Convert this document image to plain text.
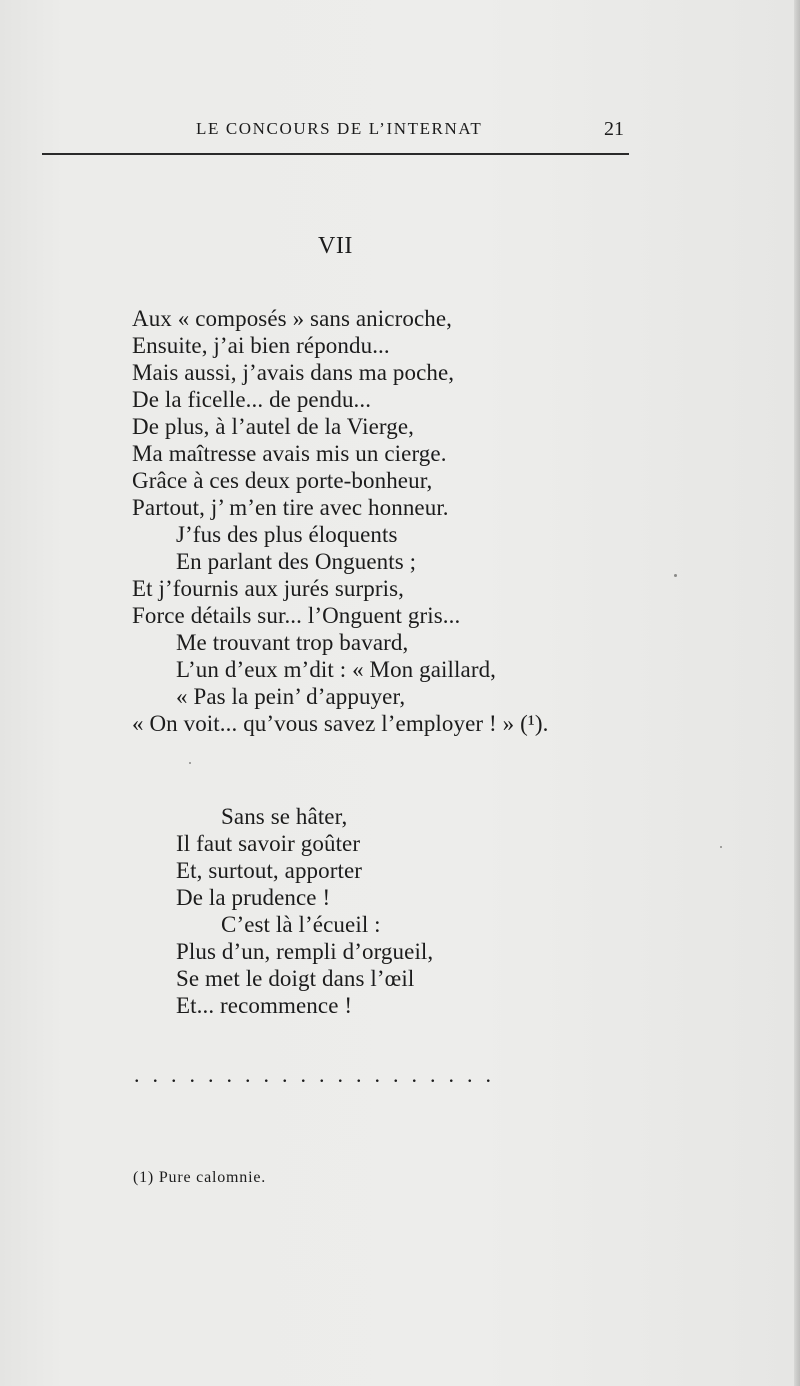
LE CONCOURS DE L’INTERNAT	21
VII
Aux « composés » sans anicroche,
Ensuite, j’ai bien répondu...
Mais aussi, j’avais dans ma poche,
De la ficelle... de pendu...
De plus, à l’autel de la Vierge,
Ma maîtresse avais mis un cierge.
Grâce à ces deux porte-bonheur,
Partout, j’ m’en tire avec honneur.
J’fus des plus éloquents
En parlant des Onguents ;
Et j’fournis aux jurés surpris,
Force détails sur... l’Onguent gris...
Me trouvant trop bavard,
L’un d’eux m’dit : « Mon gaillard,
« Pas la pein’ d’appuyer,
« On voit... qu’vous savez l’employer ! » (¹).
Sans se hâter,
Il faut savoir goûter
Et, surtout, apporter
De la prudence !
C’est là l’écueil :
Plus d’un, rempli d’orgueil,
Se met le doigt dans l’œil
Et... recommence !
....................
(1) Pure calomnie.
